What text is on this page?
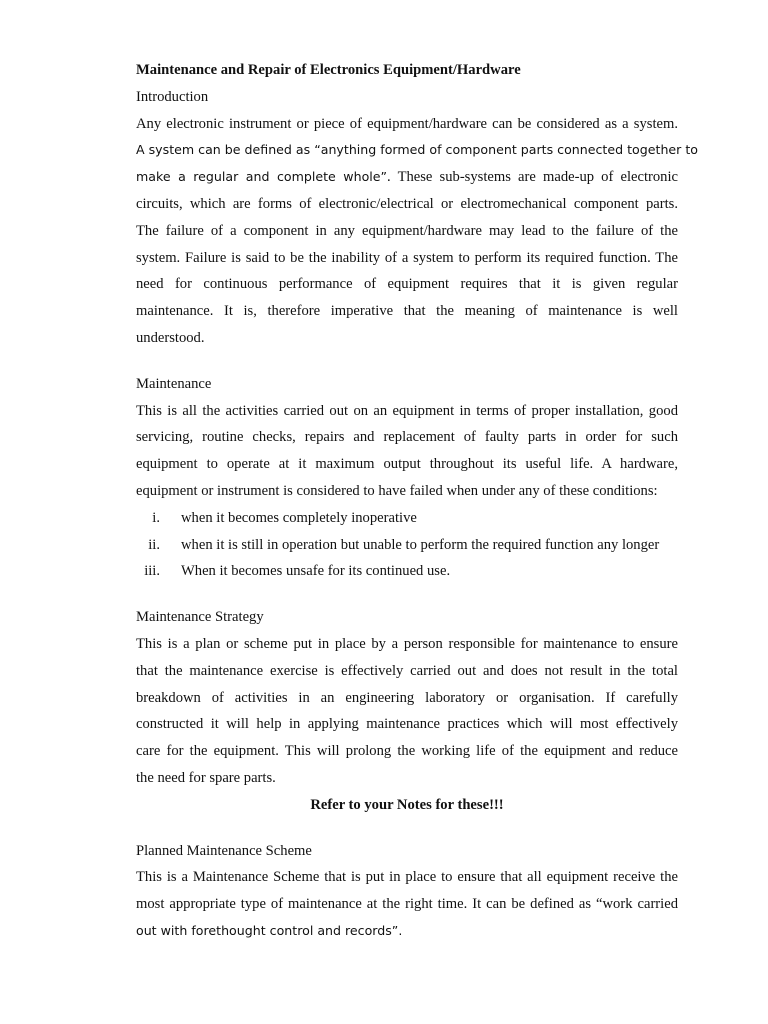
Maintenance and Repair of Electronics Equipment/Hardware

Introduction

Any electronic instrument or piece of equipment/hardware can be considered as a system.

A system can be defined as “anything formed of component parts connected together to

make a regular and complete whole”. These sub-systems are made-up of electronic

circuits, which are forms of electronic/electrical or electromechanical component parts.

The failure of a component in any equipment/hardware may lead to the failure of the

system. Failure is said to be the inability of a system to perform its required function. The

need for continuous performance of equipment requires that it is given regular

maintenance. It is, therefore imperative that the meaning of maintenance is well

understood.

Maintenance

This is all the activities carried out on an equipment in terms of proper installation, good

servicing, routine checks, repairs and replacement of faulty parts in order for such

equipment to operate at it maximum output throughout its useful life. A hardware,

equipment or instrument is considered to have failed when under any of these conditions:

i. when it becomes completely inoperative

ii. when it is still in operation but unable to perform the required function any longer

iii. When it becomes unsafe for its continued use.

Maintenance Strategy

This is a plan or scheme put in place by a person responsible for maintenance to ensure

that the maintenance exercise is effectively carried out and does not result in the total

breakdown of activities in an engineering laboratory or organisation. If carefully

constructed it will help in applying maintenance practices which will most effectively

care for the equipment. This will prolong the working life of the equipment and reduce

the need for spare parts.

Refer to your Notes for these!!!

Planned Maintenance Scheme

This is a Maintenance Scheme that is put in place to ensure that all equipment receive the

most appropriate type of maintenance at the right time. It can be defined as “work carried

out with forethought control and records”.
